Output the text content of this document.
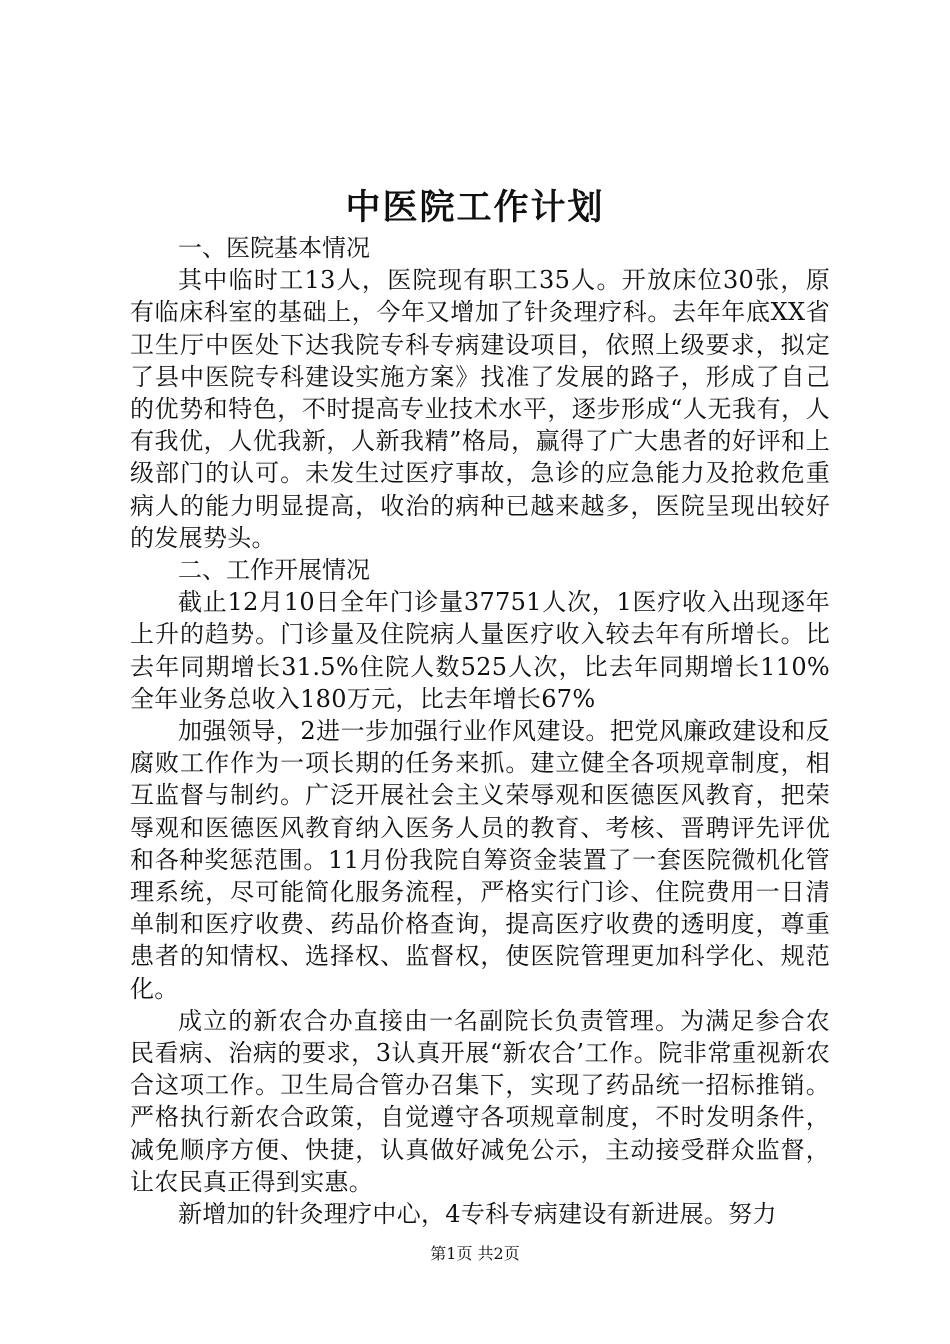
中医院工作计划

一、医院基本情况

其中临时工13人，医院现有职工35人。开放床位30张，原有临床科室的基础上，今年又增加了针灸理疗科。去年年底XX省卫生厅中医处下达我院专科专病建设项目，依照上级要求，拟定了县中医院专科建设实施方案》找准了发展的路子，形成了自己的优势和特色，不时提高专业技术水平，逐步形成“人无我有，人有我优，人优我新，人新我精”格局，赢得了广大患者的好评和上级部门的认可。未发生过医疗事故，急诊的应急能力及抢救危重病人的能力明显提高，收治的病种已越来越多，医院呈现出较好的发展势头。

二、工作开展情况

截止12月10日全年门诊量37751人次，1医疗收入出现逐年上升的趋势。门诊量及住院病人量医疗收入较去年有所增长。比去年同期增长31.5%住院人数525人次，比去年同期增长110%全年业务总收入180万元，比去年增长67%

加强领导，2进一步加强行业作风建设。把党风廉政建设和反腐败工作作为一项长期的任务来抓。建立健全各项规章制度，相互监督与制约。广泛开展社会主义荣辱观和医德医风教育，把荣辱观和医德医风教育纳入医务人员的教育、考核、晋聘评先评优和各种奖惩范围。11月份我院自筹资金装置了一套医院微机化管理系统，尽可能简化服务流程，严格实行门诊、住院费用一日清单制和医疗收费、药品价格查询，提高医疗收费的透明度，尊重患者的知情权、选择权、监督权，使医院管理更加科学化、规范化。

成立的新农合办直接由一名副院长负责管理。为满足参合农民看病、治病的要求，3认真开展“新农合’工作。院非常重视新农合这项工作。卫生局合管办召集下，实现了药品统一招标推销。严格执行新农合政策，自觉遵守各项规章制度，不时发明条件，减免顺序方便、快捷，认真做好减免公示，主动接受群众监督，让农民真正得到实惠。

新增加的针灸理疗中心，4专科专病建设有新进展。努力

第1页 共2页
